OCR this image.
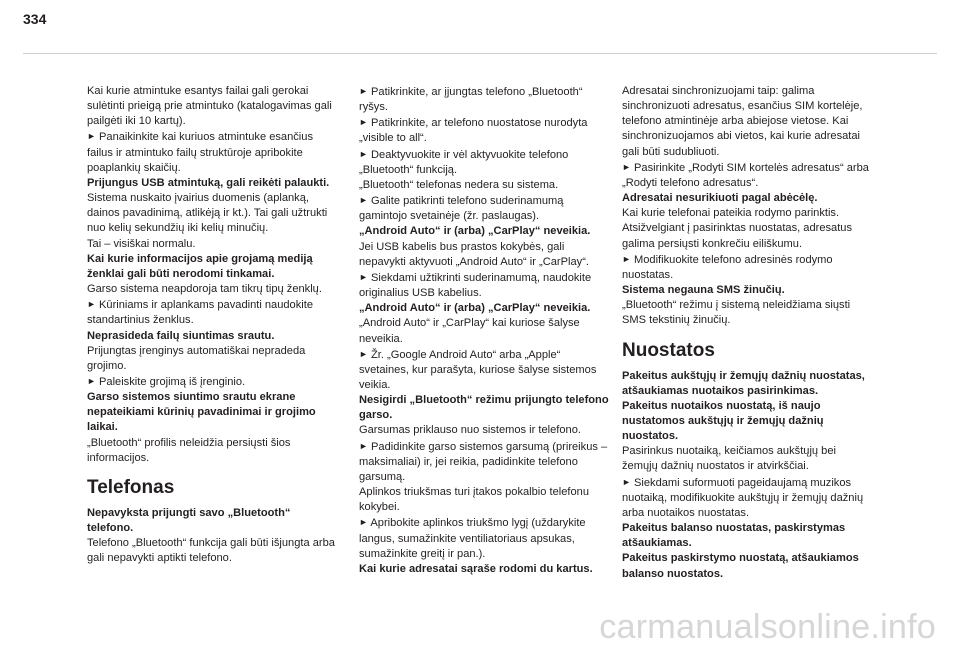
334

Kai kurie atmintuke esantys failai gali gerokai sulėtinti prieigą prie atmintuko (katalogavimas gali pailgėti iki 10 kartų).

► Panaikinkite kai kuriuos atmintuke esančius failus ir atmintuko failų struktūroje apribokite poaplankių skaičių.

Prijungus USB atmintuką, gali reikėti palaukti.

Sistema nuskaito įvairius duomenis (aplanką, dainos pavadinimą, atlikėją ir kt.). Tai gali užtrukti nuo kelių sekundžių iki kelių minučių.

Tai – visiškai normalu.

Kai kurie informacijos apie grojamą mediją ženklai gali būti nerodomi tinkamai.

Garso sistema neapdoroja tam tikrų tipų ženklų.

► Kūriniams ir aplankams pavadinti naudokite standartinius ženklus.

Neprasideda failų siuntimas srautu.

Prijungtas įrenginys automatiškai nepradeda grojimo.

► Paleiskite grojimą iš įrenginio.

Garso sistemos siuntimo srautu ekrane nepateikiami kūrinių pavadinimai ir grojimo laikai.

„Bluetooth“ profilis neleidžia persiųsti šios informacijos.

Telefonas

Nepavyksta prijungti savo „Bluetooth“ telefono.

Telefono „Bluetooth“ funkcija gali būti išjungta arba gali nepavykti aptikti telefono.

► Patikrinkite, ar įjungtas telefono „Bluetooth“ ryšys.

► Patikrinkite, ar telefono nuostatose nurodyta „visible to all“.

► Deaktyvuokite ir vėl aktyvuokite telefono „Bluetooth“ funkciją.

„Bluetooth“ telefonas nedera su sistema.

► Galite patikrinti telefono suderinamumą gamintojo svetainėje (žr. paslaugas).

„Android Auto“ ir (arba) „CarPlay“ neveikia.

Jei USB kabelis bus prastos kokybės, gali nepavykti aktyvuoti „Android Auto“ ir „CarPlay“.

► Siekdami užtikrinti suderinamumą, naudokite originalius USB kabelius.

„Android Auto“ ir (arba) „CarPlay“ neveikia.

„Android Auto“ ir „CarPlay“ kai kuriose šalyse neveikia.

► Žr. „Google Android Auto“ arba „Apple“ svetaines, kur parašyta, kuriose šalyse sistemos veikia.

Nesigirdi „Bluetooth“ režimu prijungto telefono garso.

Garsumas priklauso nuo sistemos ir telefono.

► Padidinkite garso sistemos garsumą (prireikus – maksimaliai) ir, jei reikia, padidinkite telefono garsumą.

Aplinkos triukšmas turi įtakos pokalbio telefonu kokybei.

► Apribokite aplinkos triukšmo lygį (uždarykite langus, sumažinkite ventiliatoriaus apsukas, sumažinkite greitį ir pan.).

Kai kurie adresatai sąraše rodomi du kartus.

Adresatai sinchronizuojami taip: galima sinchronizuoti adresatus, esančius SIM kortelėje, telefono atmintinėje arba abiejose vietose. Kai sinchronizuojamos abi vietos, kai kurie adresatai gali būti sudubliuoti.

► Pasirinkite „Rodyti SIM kortelės adresatus“ arba „Rodyti telefono adresatus“.

Adresatai nesurikiuoti pagal abėcėlę.

Kai kurie telefonai pateikia rodymo parinktis. Atsižvelgiant į pasirinktas nuostatas, adresatus galima persiųsti konkrečiu eiliškumu.

► Modifikuokite telefono adresinės rodymo nuostatas.

Sistema negauna SMS žinučių.

„Bluetooth“ režimu į sistemą neleidžiama siųsti SMS tekstinių žinučių.

Nuostatos

Pakeitus aukštųjų ir žemųjų dažnių nuostatas, atšaukiamas nuotaikos pasirinkimas.

Pakeitus nuotaikos nuostatą, iš naujo nustatomos aukštųjų ir žemųjų dažnių nuostatos.

Pasirinkus nuotaiką, keičiamos aukštųjų bei žemųjų dažnių nuostatos ir atvirkščiai.

► Siekdami suformuoti pageidaujamą muzikos nuotaiką, modifikuokite aukštųjų ir žemųjų dažnių arba nuotaikos nuostatas.

Pakeitus balanso nuostatas, paskirstymas atšaukiamas.

Pakeitus paskirstymo nuostatą, atšaukiamos balanso nuostatos.

carmanualsonline.info
